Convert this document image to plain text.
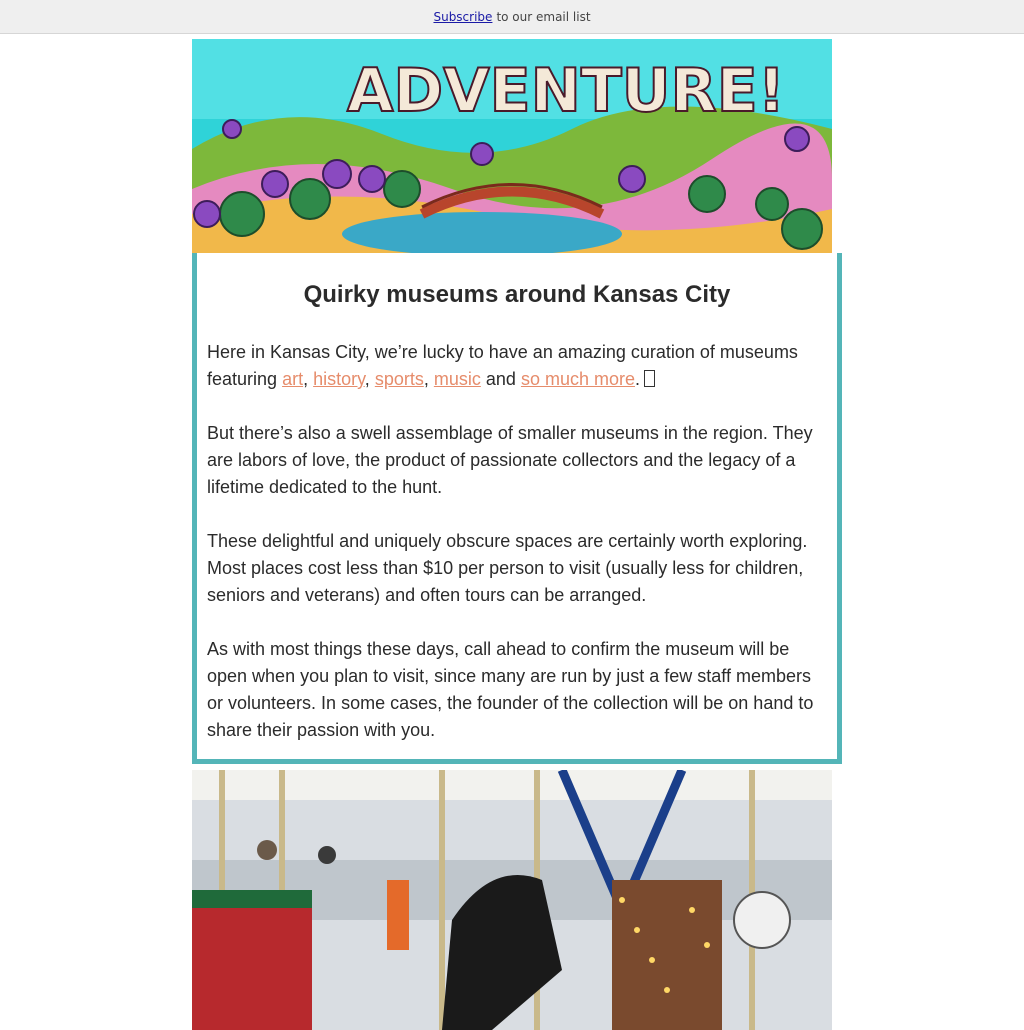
Subscribe to our email list
ADVENTURE!
Quirky museums around Kansas City

Here in Kansas City, we’re lucky to have an amazing curation of museums featuring art, history, sports, music and so much more.

But there’s also a swell assemblage of smaller museums in the region. They are labors of love, the product of passionate collectors and the legacy of a lifetime dedicated to the hunt.

These delightful and uniquely obscure spaces are certainly worth exploring. Most places cost less than $10 per person to visit (usually less for children, seniors and veterans) and often tours can be arranged.

As with most things these days, call ahead to confirm the museum will be open when you plan to visit, since many are run by just a few staff members or volunteers. In some cases, the founder of the collection will be on hand to share their passion with you.
